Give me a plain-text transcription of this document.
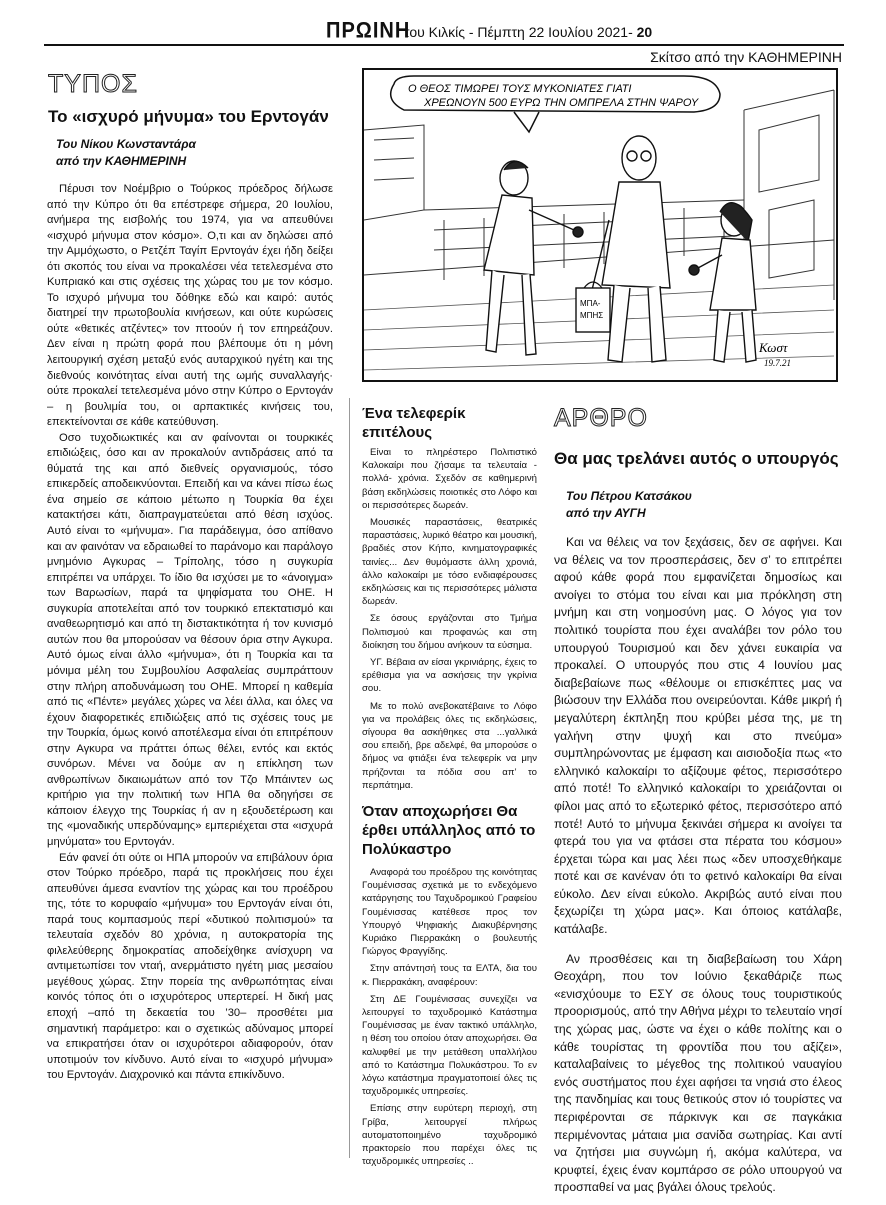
ΠΡΩΙΝΗ
του Κιλκίς - Πέμπτη 22 Ιουλίου 2021- 20
Σκίτσο από την ΚΑΘΗΜΕΡΙΝΗ
Ο ΘΕΟΣ ΤΙΜΩΡΕΙ ΤΟΥΣ ΜΥΚΟΝΙΑΤΕΣ ΓΙΑΤΙ
ΧΡΕΩΝΟΥΝ 500 ΕΥΡΩ ΤΗΝ ΟΜΠΡΕΛΑ ΣΤΗΝ ΨΑΡΟΥ
ΜΠΑ-
ΜΠΗΣ
Κωστ
19.7.21
ΤΥΠΟΣ
Το «ισχυρό μήνυμα» του Ερντογάν
Του Νίκου Κωνσταντάρα
από την ΚΑΘΗΜΕΡΙΝΗ

Πέρυσι τον Νοέμβριο ο Τούρκος πρόεδρος δήλωσε από την Κύπρο ότι θα επέστρεφε σήμερα, 20 Ιουλίου, ανήμερα της εισβολής του 1974, για να απευθύνει «ισχυρό μήνυμα στον κόσμο». Ο,τι και αν δηλώσει από την Αμμόχωστο, ο Ρετζέπ Ταγίπ Ερντογάν έχει ήδη δείξει ότι σκοπός του είναι να προκαλέσει νέα τετελεσμένα στο Κυπριακό και στις σχέσεις της χώρας του με τον κόσμο. Το ισχυρό μήνυμα του δόθηκε εδώ και καιρό: αυτός διατηρεί την πρωτοβουλία κινήσεων, και ούτε κυρώσεις ούτε «θετικές ατζέντες» τον πτοούν ή τον επηρεάζουν. Δεν είναι η πρώτη φορά που βλέπουμε ότι η μόνη λειτουργική σχέση μεταξύ ενός αυταρχικού ηγέτη και της διεθνούς κοινότητας είναι αυτή της ωμής συναλλαγής· ούτε προκαλεί τετελεσμένα μόνο στην Κύπρο ο Ερντογάν – η βουλιμία του, οι αρπακτικές κινήσεις του, επεκτείνονται σε κάθε κατεύθυνση.

Οσο τυχοδιωκτικές και αν φαίνονται οι τουρκικές επιδιώξεις, όσο και αν προκαλούν αντιδράσεις από τα θύματά της και από διεθνείς οργανισμούς, τόσο επικερδείς αποδεικνύονται. Επειδή και να κάνει πίσω έως ένα σημείο σε κάποιο μέτωπο η Τουρκία θα έχει κατακτήσει κάτι, διαπραγματεύεται από θέση ισχύος. Αυτό είναι το «μήνυμα». Για παράδειγμα, όσο απίθανο και αν φαινόταν να εδραιωθεί το παράνομο και παράλογο μνημόνιο Αγκυρας – Τρίπολης, τόσο η συγκυρία επιτρέπει να υπάρχει. Το ίδιο θα ισχύσει με το «άνοιγμα» των Βαρωσίων, παρά τα ψηφίσματα του ΟΗΕ. Η συγκυρία αποτελείται από τον τουρκικό επεκτατισμό και αναθεωρητισμό και από τη διστακτικότητα ή τον κυνισμό αυτών που θα μπορούσαν να θέσουν όρια στην Αγκυρα. Αυτό όμως είναι άλλο «μήνυμα», ότι η Τουρκία και τα μόνιμα μέλη του Συμβουλίου Ασφαλείας συμπράττουν στην πλήρη αποδυνάμωση του ΟΗΕ. Μπορεί η καθεμία από τις «Πέντε» μεγάλες χώρες να λέει άλλα, και όλες να έχουν διαφορετικές επιδιώξεις από τις σχέσεις τους με την Τουρκία, όμως κοινό αποτέλεσμα είναι ότι επιτρέπουν στην Αγκυρα να πράττει όπως θέλει, εντός και εκτός συνόρων. Μένει να δούμε αν η επίκληση των ανθρωπίνων δικαιωμάτων από τον Τζο Μπάιντεν ως κριτήριο για την πολιτική των ΗΠΑ θα οδηγήσει σε κάποιον έλεγχο της Τουρκίας ή αν η εξουδετέρωση και της «μοναδικής υπερδύναμης» εμπεριέχεται στα «ισχυρά μηνύματα» του Ερντογάν.

Εάν φανεί ότι ούτε οι ΗΠΑ μπορούν να επιβάλουν όρια στον Τούρκο πρόεδρο, παρά τις προκλήσεις που έχει απευθύνει άμεσα εναντίον της χώρας και του προέδρου της, τότε το κορυφαίο «μήνυμα» του Ερντογάν είναι ότι, παρά τους κομπασμούς περί «δυτικού πολιτισμού» τα τελευταία σχεδόν 80 χρόνια, η αυτοκρατορία της φιλελεύθερης δημοκρατίας αποδείχθηκε ανίσχυρη να αντιμετωπίσει τον νταή, ανερμάτιστο ηγέτη μιας μεσαίου μεγέθους χώρας. Στην πορεία της ανθρωπότητας είναι κοινός τόπος ότι ο ισχυρότερος υπερτερεί. Η δική μας εποχή –από τη δεκαετία του ’30– προσθέτει μια σημαντική παράμετρο: και ο σχετικώς αδύναμος μπορεί να επικρατήσει όταν οι ισχυρότεροι αδιαφορούν, όταν υποτιμούν τον κίνδυνο. Αυτό είναι το «ισχυρό μήνυμα» του Ερντογάν. Διαχρονικό και πάντα επικίνδυνο.

Ένα τελεφερίκ επιτέλους

Είναι το πληρέστερο Πολιτιστικό Καλοκαίρι που ζήσαμε τα τελευταία - πολλά- χρόνια. Σχεδόν σε καθημερινή βάση εκδηλώσεις ποιοτικές στο Λόφο και οι περισσότερες δωρεάν.

Μουσικές παραστάσεις, θεατρικές παραστάσεις, λυρικό θέατρο και μουσική, βραδιές στον Κήπο, κινηματογραφικές ταινίες... Δεν θυμόμαστε άλλη χρονιά, άλλο καλοκαίρι με τόσο ενδιαφέρουσες εκδηλώσεις και τις περισσότερες μάλιστα δωρεάν.

Σε όσους εργάζονται στο Τμήμα Πολιτισμού και προφανώς και στη διοίκηση του δήμου ανήκουν τα εύσημα.

ΥΓ. Βέβαια αν είσαι γκρινιάρης, έχεις το ερέθισμα για να ασκήσεις την γκρίνια σου.

Με το πολύ ανεβοκατέβαινε το Λόφο για να προλάβεις όλες τις εκδηλώσεις, σίγουρα θα ασκήθηκες στα ...γαλλικά σου επειδή, βρε αδελφέ, θα μπορούσε ο δήμος να φτιάξει ένα τελεφερίκ να μην πρήζονται τα πόδια σου απ’ το περπάτημα.

Όταν αποχωρήσει Θα έρθει υπάλληλος από το Πολύκαστρο

Αναφορά του προέδρου της κοινότητας Γουμένισσας σχετικά με το ενδεχόμενο κατάργησης του Ταχυδρομικού Γραφείου Γουμένισσας κατέθεσε προς τον Υπουργό Ψηφιακής Διακυβέρνησης Κυριάκο Πιερρακάκη ο βουλευτής Γιώργος Φραγγίδης.

Στην απάντησή τους τα ΕΛΤΑ, δια του κ. Πιερρακάκη, αναφέρουν:

Στη ΔΕ Γουμένισσας συνεχίζει να λειτουργεί το ταχυδρομικό Κατάστημα Γουμένισσας με έναν τακτικό υπάλληλο, η θέση του οποίου όταν αποχωρήσει. Θα καλυφθεί με την μετάθεση υπαλλήλου από το Κατάστημα Πολυκάστρου. Το εν λόγω κατάστημα πραγματοποιεί όλες τις ταχυδρομικές υπηρεσίες.

Επίσης στην ευρύτερη περιοχή, στη Γρίβα, λειτουργεί πλήρως αυτοματοποιημένο ταχυδρομικό πρακτορείο που παρέχει όλες τις ταχυδρομικές υπηρεσίες ..

ΑΡΘΡΟ
Θα μας τρελάνει αυτός ο υπουργός
Του Πέτρου Κατσάκου
από την ΑΥΓΗ

Και να θέλεις να τον ξεχάσεις, δεν σε αφήνει. Και να θέλεις να τον προσπεράσεις, δεν σ’ το επιτρέπει αφού κάθε φορά που εμφανίζεται δημοσίως και ανοίγει το στόμα του είναι και μια πρόκληση στη μνήμη και στη νοημοσύνη μας. Ο λόγος για τον πολιτικό τουρίστα που έχει αναλάβει τον ρόλο του υπουργού Τουρισμού και δεν χάνει ευκαιρία να προκαλεί. Ο υπουργός που στις 4 Ιουνίου μας διαβεβαίωνε πως «θέλουμε οι επισκέπτες μας να βιώσουν την Ελλάδα που ονειρεύονται. Κάθε μικρή ή μεγαλύτερη έκπληξη που κρύβει μέσα της, με τη γαλήνη στην ψυχή και στο πνεύμα» συμπληρώνοντας με έμφαση και αισιοδοξία πως «το ελληνικό καλοκαίρι το αξίζουμε φέτος, περισσότερο από ποτέ! Το ελληνικό καλοκαίρι το χρειάζονται οι φίλοι μας από το εξωτερικό φέτος, περισσότερο από ποτέ! Αυτό το μήνυμα ξεκινάει σήμερα κι ανοίγει τα φτερά του για να φτάσει στα πέρατα του κόσμου» έρχεται τώρα και μας λέει πως «δεν υποσχεθήκαμε ποτέ και σε κανέναν ότι το φετινό καλοκαίρι θα είναι εύκολο. Δεν είναι εύκολο. Ακριβώς αυτό είναι που ξεχωρίζει τη χώρα μας». Και όποιος κατάλαβε, κατάλαβε.

Αν προσθέσεις και τη διαβεβαίωση του Χάρη Θεοχάρη, που τον Ιούνιο ξεκαθάριζε πως «ενισχύουμε το ΕΣΥ σε όλους τους τουριστικούς προορισμούς, από την Αθήνα μέχρι το τελευταίο νησί της χώρας μας, ώστε να έχει ο κάθε πολίτης και ο κάθε τουρίστας τη φροντίδα που του αξίζει», καταλαβαίνεις το μέγεθος της πολιτικού ναυαγίου ενός συστήματος που έχει αφήσει τα νησιά στο έλεος της πανδημίας και τους θετικούς στον ιό τουρίστες να περιφέρονται σε πάρκινγκ και σε παγκάκια περιμένοντας μάταια μια σανίδα σωτηρίας. Και αντί να ζητήσει μια συγνώμη ή, ακόμα καλύτερα, να κρυφτεί, έχεις έναν κομπάρσο σε ρόλο υπουργού να προσπαθεί να μας βγάλει όλους τρελούς.
